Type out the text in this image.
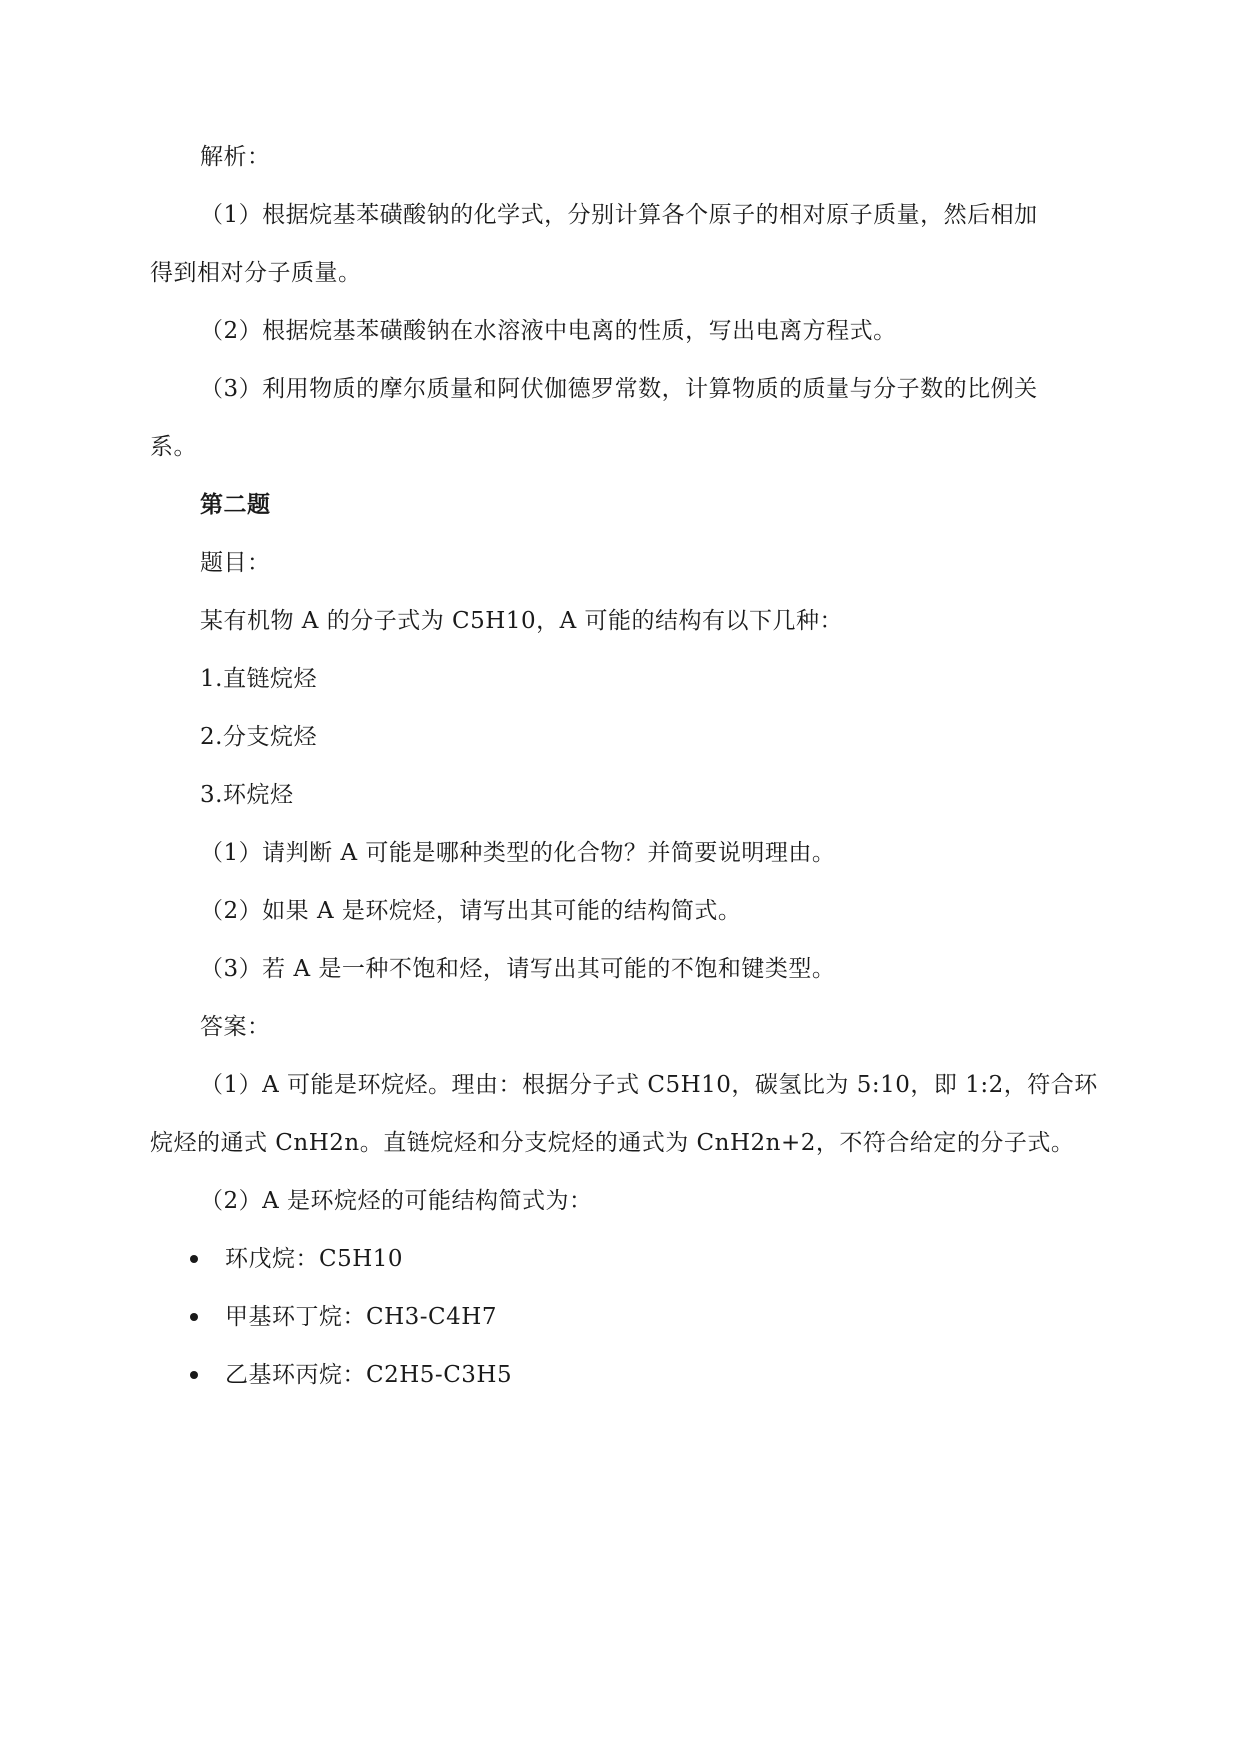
解析：
（1）根据烷基苯磺酸钠的化学式，分别计算各个原子的相对原子质量，然后相加
得到相对分子质量。
（2）根据烷基苯磺酸钠在水溶液中电离的性质，写出电离方程式。
（3）利用物质的摩尔质量和阿伏伽德罗常数，计算物质的质量与分子数的比例关
系。
第二题
题目：
某有机物 A 的分子式为 C5H10，A 可能的结构有以下几种：
1.直链烷烃
2.分支烷烃
3.环烷烃
（1）请判断 A 可能是哪种类型的化合物？并简要说明理由。
（2）如果 A 是环烷烃，请写出其可能的结构简式。
（3）若 A 是一种不饱和烃，请写出其可能的不饱和键类型。
答案：
（1）A 可能是环烷烃。理由：根据分子式 C5H10，碳氢比为 5:10，即 1:2，符合环
烷烃的通式 CnH2n。直链烷烃和分支烷烃的通式为 CnH2n+2，不符合给定的分子式。
（2）A 是环烷烃的可能结构简式为：
环戊烷：C5H10
甲基环丁烷：CH3-C4H7
乙基环丙烷：C2H5-C3H5
